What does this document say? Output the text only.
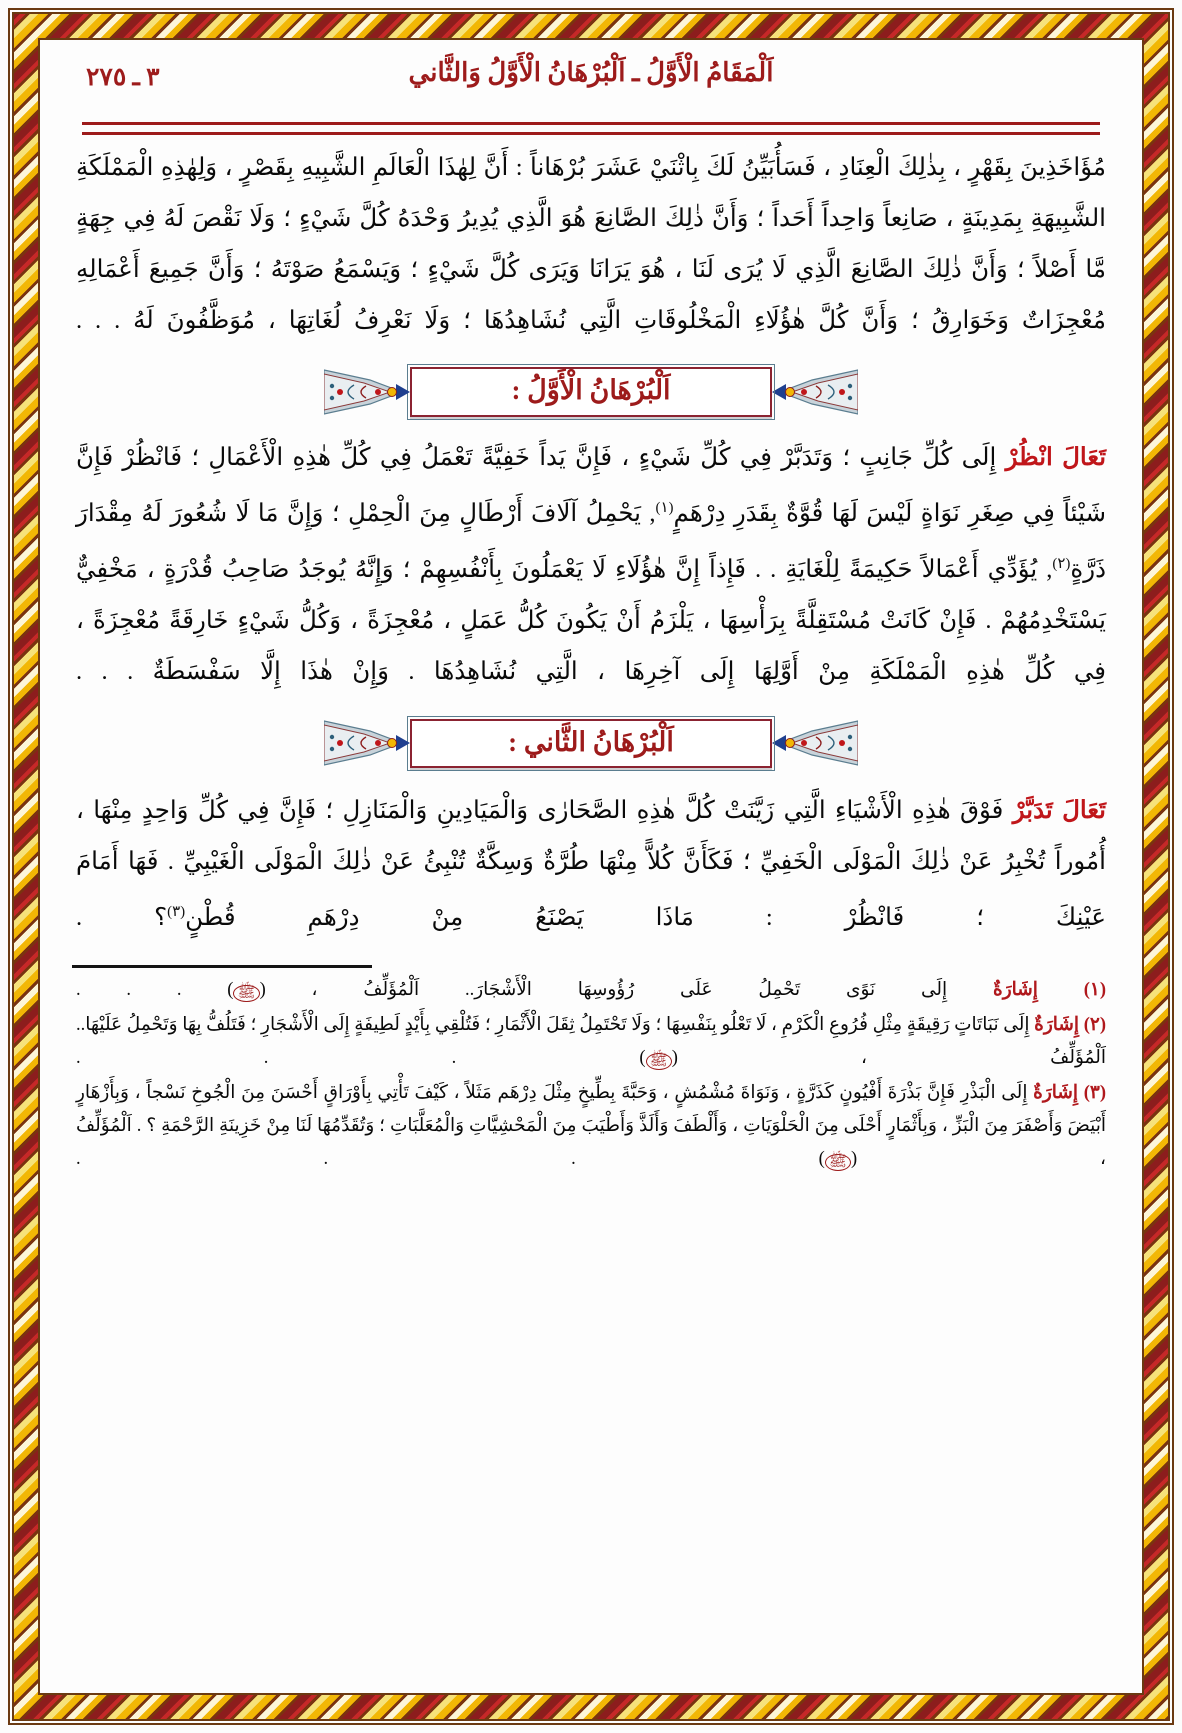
٣ ـ ٢٧٥	اَلْمَقَامُ الْأَوَّلُ ـ اَلْبُرْهَانُ الْأَوَّلُ وَالثَّاني

مُؤَاخَذِينَ بِقَهْرٍ ، بِذٰلِكَ الْعِنَادِ ، فَسَأُبَيِّنُ لَكَ بِاثْنَيْ عَشَرَ بُرْهَاناً : أَنَّ لِهٰذَا الْعَالَمِ الشَّبِيهِ بِقَصْرٍ ، وَلِهٰذِهِ الْمَمْلَكَةِ الشَّبِيهَةِ بِمَدِينَةٍ ، صَانِعاً وَاحِداً أَحَداً ؛ وَأَنَّ ذٰلِكَ الصَّانِعَ هُوَ الَّذِي يُدِيرُ وَحْدَهُ كُلَّ شَيْءٍ ؛ وَلَا نَقْصَ لَهُ فِي جِهَةٍ مَّا أَصْلاً ؛ وَأَنَّ ذٰلِكَ الصَّانِعَ الَّذِي لَا يُرَى لَنَا ، هُوَ يَرَانَا وَيَرَى كُلَّ شَيْءٍ ؛ وَيَسْمَعُ صَوْتَهُ ؛ وَأَنَّ جَمِيعَ أَعْمَالِهِ مُعْجِزَاتٌ وَخَوَارِقُ ؛ وَأَنَّ كُلَّ هٰؤُلَاءِ الْمَخْلُوقَاتِ الَّتِي نُشَاهِدُهَا ؛ وَلَا نَعْرِفُ لُغَاتِهَا ، مُوَظَّفُونَ لَهُ . . .

اَلْبُرْهَانُ الْأَوَّلُ :

تَعَالَ انْظُرْ إِلَى كُلِّ جَانِبٍ ؛ وَتَدَبَّرْ فِي كُلِّ شَيْءٍ ، فَإِنَّ يَداً خَفِيَّةً تَعْمَلُ فِي كُلِّ هٰذِهِ الْأَعْمَالِ ؛ فَانْظُرْ فَإِنَّ شَيْئاً فِي صِغَرِ نَوَاةٍ لَيْسَ لَهَا قُوَّةٌ بِقَدَرِ دِرْهَمٍ$^{(١)}$, يَحْمِلُ آلَافَ أَرْطَالٍ مِنَ الْحِمْلِ ؛ وَإِنَّ مَا لَا شُعُورَ لَهُ مِقْدَارَ ذَرَّةٍ$^{(٢)}$, يُؤَدِّي أَعْمَالاً حَكِيمَةً لِلْغَايَةِ . . فَإِذاً إِنَّ هٰؤُلَاءِ لَا يَعْمَلُونَ بِأَنْفُسِهِمْ ؛ وَإِنَّهُ يُوجَدُ صَاحِبُ قُدْرَةٍ ، مَخْفِيٌّ يَسْتَخْدِمُهُمْ . فَإِنْ كَانَتْ مُسْتَقِلَّةً بِرَأْسِهَا ، يَلْزَمُ أَنْ يَكُونَ كُلُّ عَمَلٍ ، مُعْجِزَةً ، وَكُلُّ شَيْءٍ خَارِقَةً مُعْجِزَةً ، فِي كُلِّ هٰذِهِ الْمَمْلَكَةِ مِنْ أَوَّلِهَا إِلَى آخِرِهَا ، الَّتِي نُشَاهِدُهَا . وَإِنْ هٰذَا إِلَّا سَفْسَطَةٌ . . .

اَلْبُرْهَانُ الثَّاني :

تَعَالَ تَدَبَّرْ فَوْقَ هٰذِهِ الْأَشْيَاءِ الَّتِي زَيَّنَتْ كُلَّ هٰذِهِ الصَّحَارٰى وَالْمَيَادِينِ وَالْمَنَازِلِ ؛ فَإِنَّ فِي كُلِّ وَاحِدٍ مِنْهَا ، أُمُوراً تُخْبِرُ عَنْ ذٰلِكَ الْمَوْلَى الْخَفِيِّ ؛ فَكَأَنَّ كُلاًّ مِنْهَا طُرَّةٌ وَسِكَّةٌ تُنْبِئُ عَنْ ذٰلِكَ الْمَوْلَى الْغَيْبِيِّ . فَهَا أَمَامَ عَيْنِكَ ؛ فَانْظُرْ : مَاذَا يَصْنَعُ مِنْ دِرْهَمِ قُطْنٍ$^{(٣)}$؟ .

(١) إِشَارَةٌ إِلَى نَوًى تَحْمِلُ عَلَى رُؤُوسِهَا الْأَشْجَارَ.. اَلْمُؤَلِّفُ ، (ﷺ) . . .

(٢) إِشَارَةٌ إِلَى نَبَاتَاتٍ رَقِيقَةٍ مِثْلِ فُرُوعِ الْكَرْمِ ، لَا تَعْلُو بِنَفْسِهَا ؛ وَلَا تَحْتَمِلُ ثِقَلَ الْأَثْمَارِ ؛ فَتُلْقِي بِأَيْدٍ لَطِيفَةٍ إِلَى الْأَشْجَارِ ؛ فَتَلُفُّ بِهَا وَتَحْمِلُ عَلَيْهَا.. اَلْمُؤَلِّفُ ، (ﷺ) . . .

(٣) إِشَارَةٌ إِلَى الْبَذْرِ فَإِنَّ بَذْرَةَ أَفْيُونٍ كَذَرَّةٍ ، وَنَوَاةَ مُشْمُشٍ ، وَحَبَّةَ بِطِّيخٍ مِثْلَ دِرْهَم مَثَلاً ، كَيْفَ تَأْتِي بِأَوْرَاقٍ أَحْسَنَ مِنَ الْجُوخِ نَسْجاً ، وَبِأَزْهَارٍ أَبْيَضَ وَأَصْفَرَ مِنَ الْبَزِّ ، وَبِأَثْمَارٍ أَحْلَى مِنَ الْحَلْوَيَاتِ ، وَأَلْطَفَ وَأَلَذَّ وَأَطْيَبَ مِنَ الْمَحْشِيَّاتِ وَالْمُعَلَّبَاتِ ؛ وَتُقَدِّمُهَا لَنَا مِنْ خَزِينَةِ الرَّحْمَةِ ؟ . اَلْمُؤَلِّفُ ، (ﷺ) . . .
